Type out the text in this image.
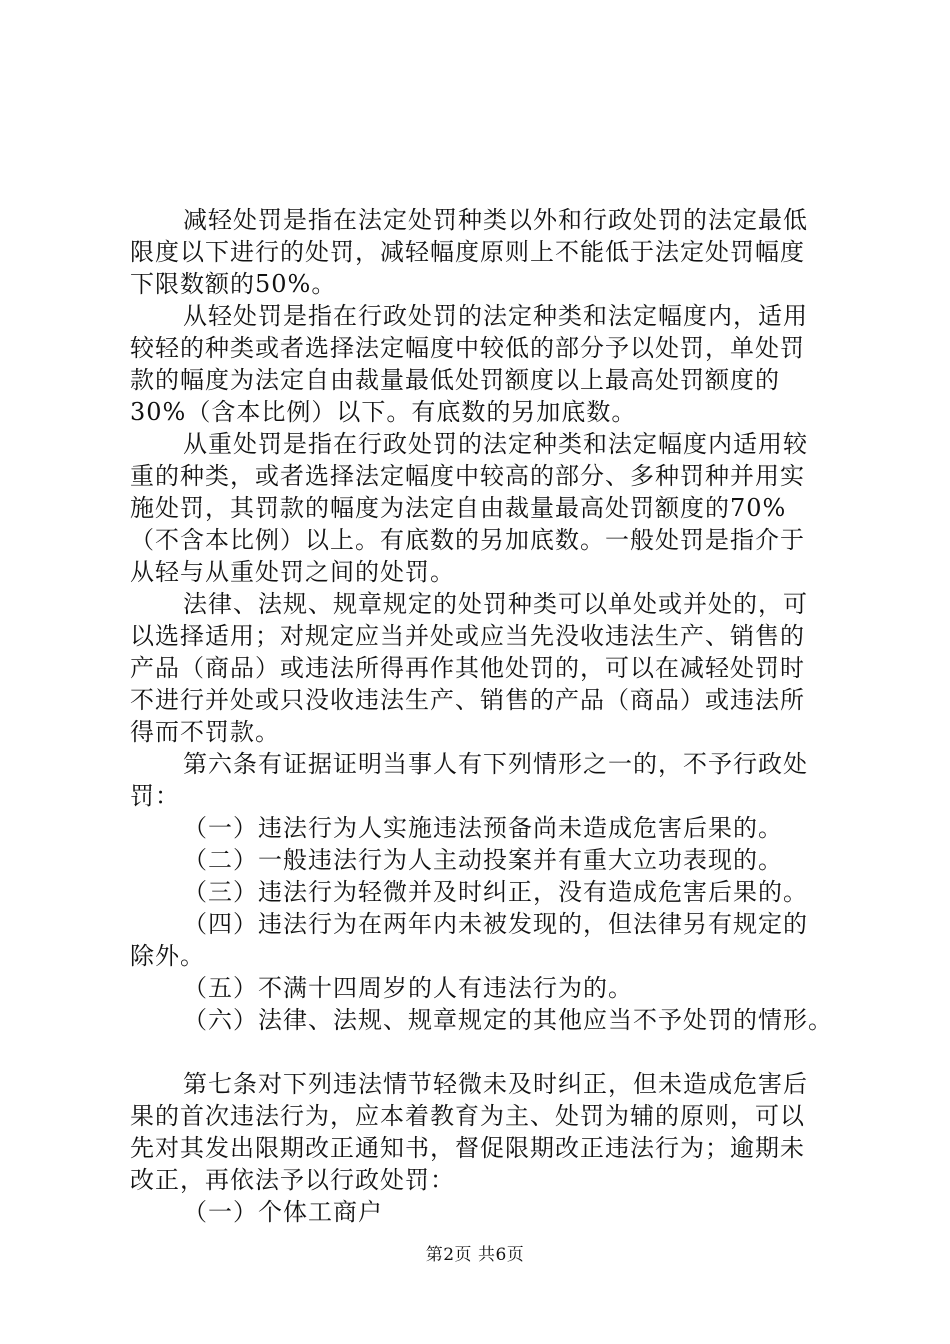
减轻处罚是指在法定处罚种类以外和行政处罚的法定最低
限度以下进行的处罚，减轻幅度原则上不能低于法定处罚幅度
下限数额的50%。
从轻处罚是指在行政处罚的法定种类和法定幅度内，适用
较轻的种类或者选择法定幅度中较低的部分予以处罚，单处罚
款的幅度为法定自由裁量最低处罚额度以上最高处罚额度的
30%（含本比例）以下。有底数的另加底数。
从重处罚是指在行政处罚的法定种类和法定幅度内适用较
重的种类，或者选择法定幅度中较高的部分、多种罚种并用实
施处罚，其罚款的幅度为法定自由裁量最高处罚额度的70%
（不含本比例）以上。有底数的另加底数。一般处罚是指介于
从轻与从重处罚之间的处罚。
法律、法规、规章规定的处罚种类可以单处或并处的，可
以选择适用；对规定应当并处或应当先没收违法生产、销售的
产品（商品）或违法所得再作其他处罚的，可以在减轻处罚时
不进行并处或只没收违法生产、销售的产品（商品）或违法所
得而不罚款。
第六条有证据证明当事人有下列情形之一的，不予行政处
罚：
（一）违法行为人实施违法预备尚未造成危害后果的。
（二）一般违法行为人主动投案并有重大立功表现的。
（三）违法行为轻微并及时纠正，没有造成危害后果的。
（四）违法行为在两年内未被发现的，但法律另有规定的
除外。
（五）不满十四周岁的人有违法行为的。
（六）法律、法规、规章规定的其他应当不予处罚的情形。
第七条对下列违法情节轻微未及时纠正，但未造成危害后
果的首次违法行为，应本着教育为主、处罚为辅的原则，可以
先对其发出限期改正通知书，督促限期改正违法行为；逾期未
改正，再依法予以行政处罚：
（一）个体工商户
第2页 共6页
